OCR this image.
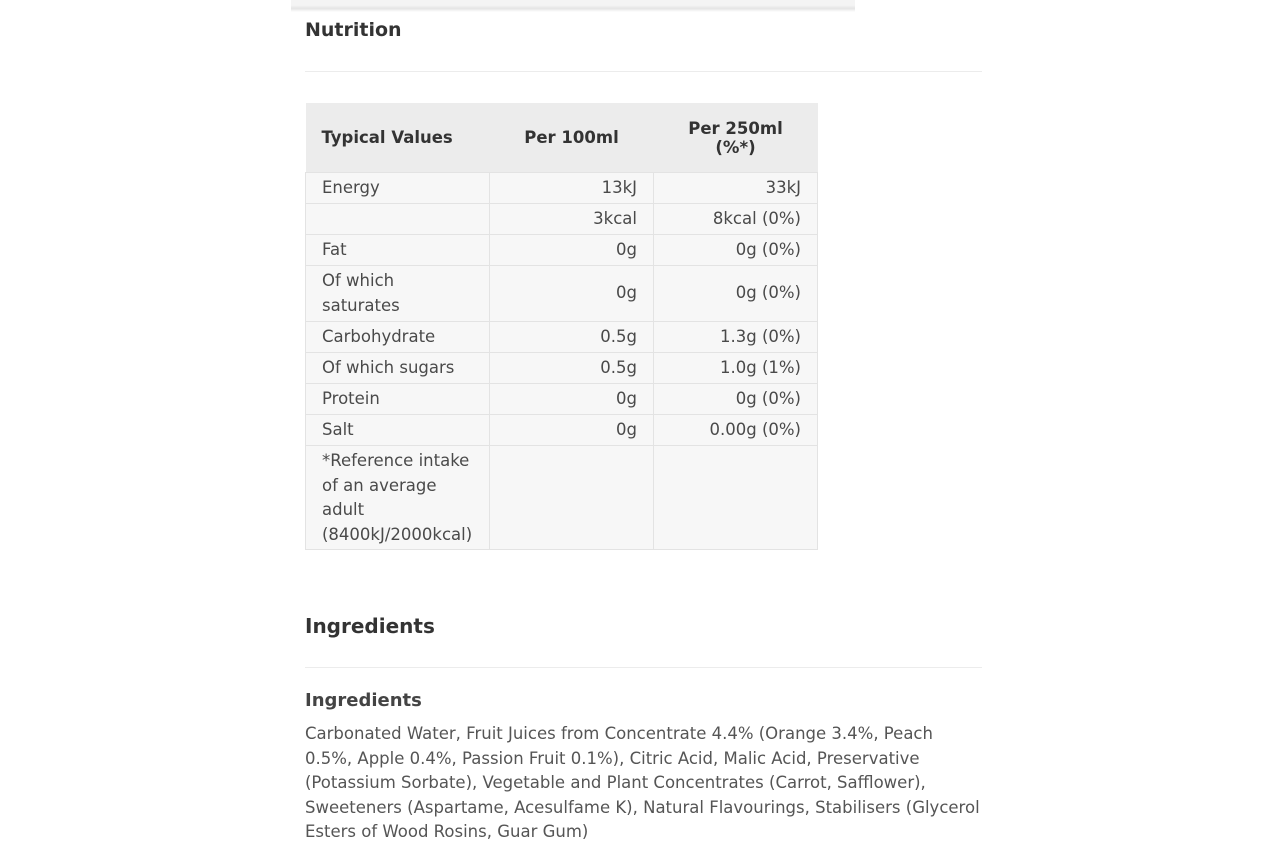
Nutrition
Typical Values	Per 100ml	Per 250ml (%*)
Energy	13kJ	33kJ
	3kcal	8kcal (0%)
Fat	0g	0g (0%)
Of which saturates	0g	0g (0%)
Carbohydrate	0.5g	1.3g (0%)
Of which sugars	0.5g	1.0g (1%)
Protein	0g	0g (0%)
Salt	0g	0.00g (0%)
*Reference intake of an average adult (8400kJ/2000kcal)		
Ingredients
Ingredients

Carbonated Water, Fruit Juices from Concentrate 4.4% (Orange 3.4%, Peach 0.5%, Apple 0.4%, Passion Fruit 0.1%), Citric Acid, Malic Acid, Preservative (Potassium Sorbate), Vegetable and Plant Concentrates (Carrot, Safflower), Sweeteners (Aspartame, Acesulfame K), Natural Flavourings, Stabilisers (Glycerol Esters of Wood Rosins, Guar Gum)
